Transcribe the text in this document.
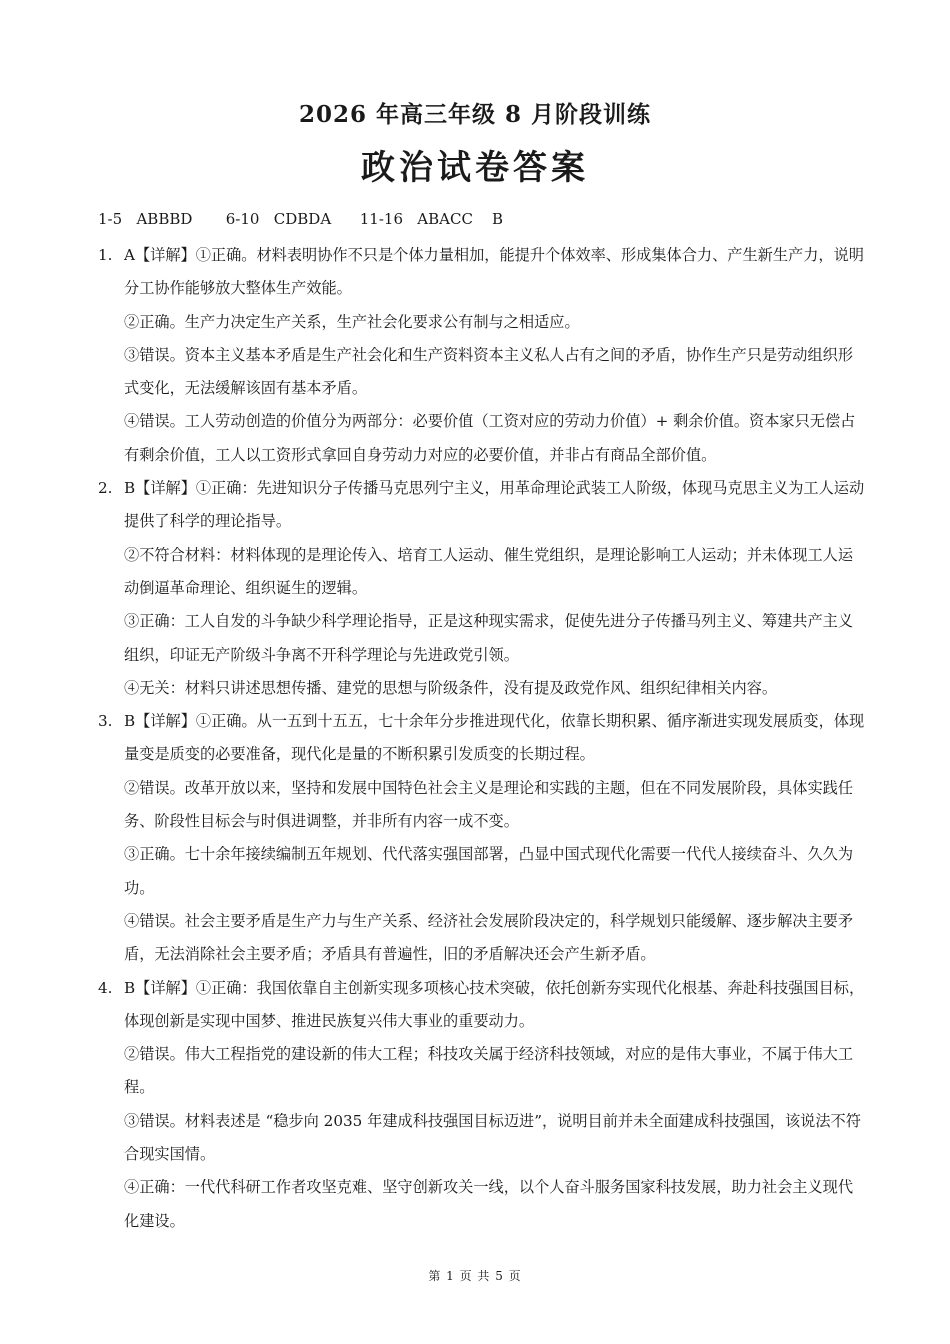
2026 年高三年级 8 月阶段训练
政治试卷答案
1-5   ABBBD       6-10   CDBDA      11-16   ABACC    B
1. A【详解】①正确。材料表明协作不只是个体力量相加，能提升个体效率、形成集体合力、产生新生产力，说明分工协作能够放大整体生产效能。
②正确。生产力决定生产关系，生产社会化要求公有制与之相适应。
③错误。资本主义基本矛盾是生产社会化和生产资料资本主义私人占有之间的矛盾，协作生产只是劳动组织形式变化，无法缓解该固有基本矛盾。
④错误。工人劳动创造的价值分为两部分：必要价值（工资对应的劳动力价值）+ 剩余价值。资本家只无偿占有剩余价值，工人以工资形式拿回自身劳动力对应的必要价值，并非占有商品全部价值。
2. B【详解】①正确：先进知识分子传播马克思列宁主义，用革命理论武装工人阶级，体现马克思主义为工人运动提供了科学的理论指导。
②不符合材料：材料体现的是理论传入、培育工人运动、催生党组织，是理论影响工人运动；并未体现工人运动倒逼革命理论、组织诞生的逻辑。
③正确：工人自发的斗争缺少科学理论指导，正是这种现实需求，促使先进分子传播马列主义、筹建共产主义组织，印证无产阶级斗争离不开科学理论与先进政党引领。
④无关：材料只讲述思想传播、建党的思想与阶级条件，没有提及政党作风、组织纪律相关内容。
3. B【详解】①正确。从一五到十五五，七十余年分步推进现代化，依靠长期积累、循序渐进实现发展质变，体现量变是质变的必要准备，现代化是量的不断积累引发质变的长期过程。
②错误。改革开放以来，坚持和发展中国特色社会主义是理论和实践的主题，但在不同发展阶段，具体实践任务、阶段性目标会与时俱进调整，并非所有内容一成不变。
③正确。七十余年接续编制五年规划、代代落实强国部署，凸显中国式现代化需要一代代人接续奋斗、久久为功。
④错误。社会主要矛盾是生产力与生产关系、经济社会发展阶段决定的，科学规划只能缓解、逐步解决主要矛盾，无法消除社会主要矛盾；矛盾具有普遍性，旧的矛盾解决还会产生新矛盾。
4. B【详解】①正确：我国依靠自主创新实现多项核心技术突破，依托创新夯实现代化根基、奔赴科技强国目标，体现创新是实现中国梦、推进民族复兴伟大事业的重要动力。
②错误。伟大工程指党的建设新的伟大工程；科技攻关属于经济科技领域，对应的是伟大事业，不属于伟大工程。
③错误。材料表述是 “稳步向 2035 年建成科技强国目标迈进”，说明目前并未全面建成科技强国，该说法不符合现实国情。
④正确：一代代科研工作者攻坚克难、坚守创新攻关一线，以个人奋斗服务国家科技发展，助力社会主义现代化建设。
第 1 页 共 5 页
